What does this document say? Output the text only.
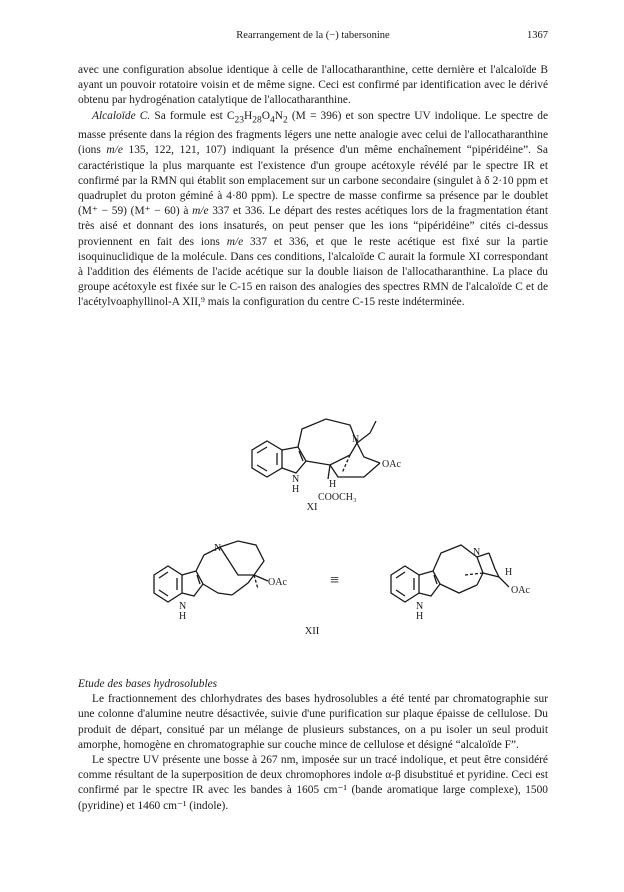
Rearrangement de la (−) tabersonine	1367

avec une configuration absolue identique à celle de l'allocatharanthine, cette dernière et l'alcaloïde B ayant un pouvoir rotatoire voisin et de même signe. Ceci est confirmé par identification avec le dérivé obtenu par hydrogénation catalytique de l'allocatharanthine.

Alcaloïde C. Sa formule est $C_{23}H_{28}O_4N_2$ (M = 396) et son spectre UV indolique. Le spectre de masse présente dans la région des fragments légers une nette analogie avec celui de l'allocatharanthine (ions m/e 135, 122, 121, 107) indiquant la présence d'un même enchaînement “pipéridéine”. Sa caractéristique la plus marquante est l'existence d'un groupe acétoxyle révélé par le spectre IR et confirmé par la RMN qui établit son emplacement sur un carbone secondaire (singulet à δ 2·10 ppm et quadruplet du proton géminé à 4·80 ppm). Le spectre de masse confirme sa présence par le doublet (M⁺ − 59) (M⁺ − 60) à m/e 337 et 336. Le départ des restes acétiques lors de la fragmentation étant très aisé et donnant des ions insaturés, on peut penser que les ions “pipéridéine” cités ci-dessus proviennent en fait des ions m/e 337 et 336, et que le reste acétique est fixé sur la partie isoquinuclidique de la molécule. Dans ces conditions, l'alcaloïde C aurait la formule XI correspondant à l'addition des éléments de l'acide acétique sur la double liaison de l'allocatharanthine. La place du groupe acétoxyle est fixée sur le C-15 en raison des analogies des spectres RMN de l'alcaloïde C et de l'acétylvoaphyllinol-A XII,⁹ mais la configuration du centre C-15 reste indéterminée.

N
OAc
N
H	H
COOCH₃
XI
N
OAc
N
H
≡
N
H
OAc
N
H
XII

Etude des bases hydrosolubles

Le fractionnement des chlorhydrates des bases hydrosolubles a été tenté par chromatographie sur une colonne d'alumine neutre désactivée, suivie d'une purification sur plaque épaisse de cellulose. Du produit de départ, consitué par un mélange de plusieurs substances, on a pu isoler un seul produit amorphe, homogène en chromatographie sur couche mince de cellulose et désigné “alcaloïde F”.

Le spectre UV présente une bosse à 267 nm, imposée sur un tracé indolique, et peut être considéré comme résultant de la superposition de deux chromophores indole α-β disubstitué et pyridine. Ceci est confirmé par le spectre IR avec les bandes à 1605 cm⁻¹ (bande aromatique large complexe), 1500 (pyridine) et 1460 cm⁻¹ (indole).
